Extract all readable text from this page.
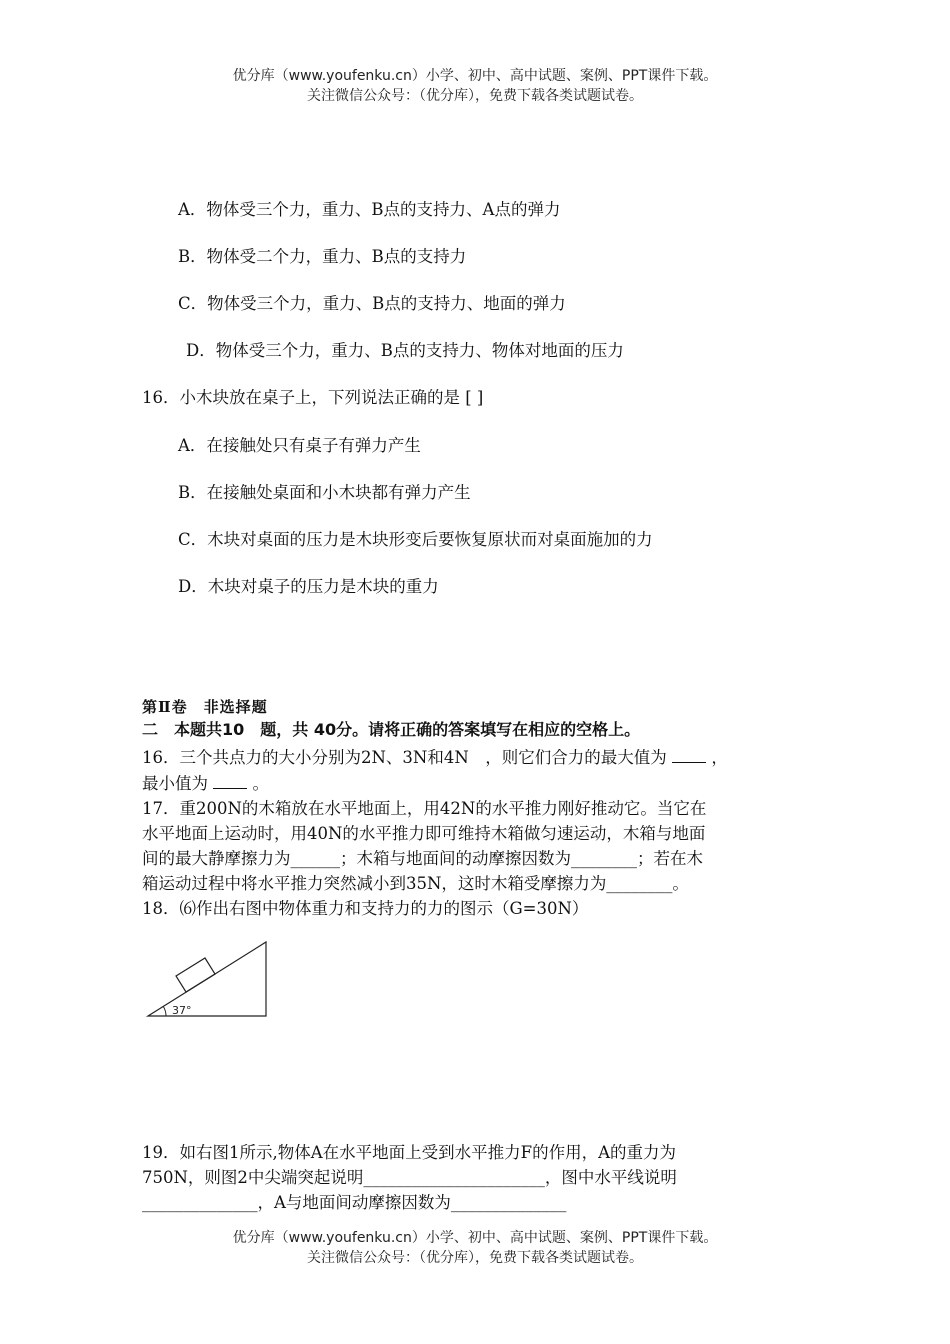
优分库（www.youfenku.cn）小学、初中、高中试题、案例、PPT课件下载。
关注微信公众号：（优分库），免费下载各类试题试卷。
A．物体受三个力，重力、B点的支持力、A点的弹力
B．物体受二个力，重力、B点的支持力
C．物体受三个力，重力、B点的支持力、地面的弹力
D．物体受三个力，重力、B点的支持力、物体对地面的压力
16．小木块放在桌子上，下列说法正确的是 [ ]
A．在接触处只有桌子有弹力产生
B．在接触处桌面和小木块都有弹力产生
C．木块对桌面的压力是木块形变后要恢复原状而对桌面施加的力
D．木块对桌子的压力是木块的重力
第Ⅱ卷　非选择题
二　本题共10　题，共 40分。请将正确的答案填写在相应的空格上。
16．三个共点力的大小分别为2N、3N和4N　，则它们合力的最大值为	，
最小值为	。
17．重200N的木箱放在水平地面上，用42N的水平推力刚好推动它。当它在
水平地面上运动时，用40N的水平推力即可维持木箱做匀速运动，木箱与地面
间的最大静摩擦力为______；木箱与地面间的动摩擦因数为________；若在木
箱运动过程中将水平推力突然减小到35N，这时木箱受摩擦力为________。
18．⑹作出右图中物体重力和支持力的力的图示（G=30N）
37°
19．如右图1所示,物体A在水平地面上受到水平推力F的作用，A的重力为
750N，则图2中尖端突起说明______________________，图中水平线说明
______________，A与地面间动摩擦因数为______________
优分库（www.youfenku.cn）小学、初中、高中试题、案例、PPT课件下载。
关注微信公众号：（优分库），免费下载各类试题试卷。
